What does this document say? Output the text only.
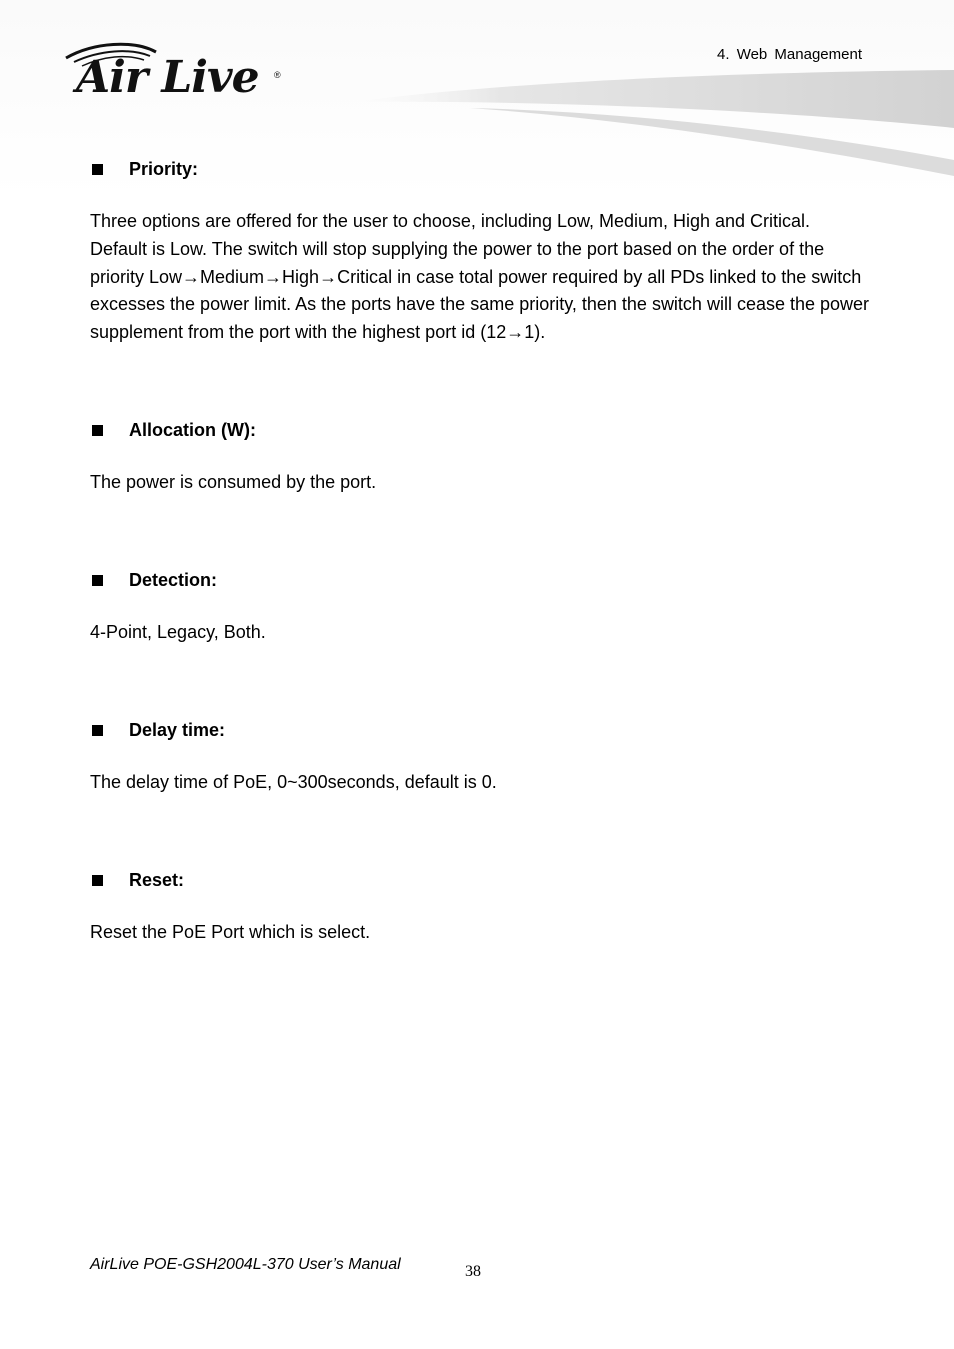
Air Live ®
4. Web Management
Priority:
Three options are offered for the user to choose, including Low, Medium, High and Critical. Default is Low. The switch will stop supplying the power to the port based on the order of the priority Low→Medium→High→Critical in case total power required by all PDs linked to the switch excesses the power limit. As the ports have the same priority, then the switch will cease the power supplement from the port with the highest port id (12→1).
Allocation (W):
The power is consumed by the port.
Detection:
4-Point, Legacy, Both.
Delay time:
The delay time of PoE, 0~300seconds, default is 0.
Reset:
Reset the PoE Port which is select.
AirLive POE-GSH2004L-370 User’s Manual	38
